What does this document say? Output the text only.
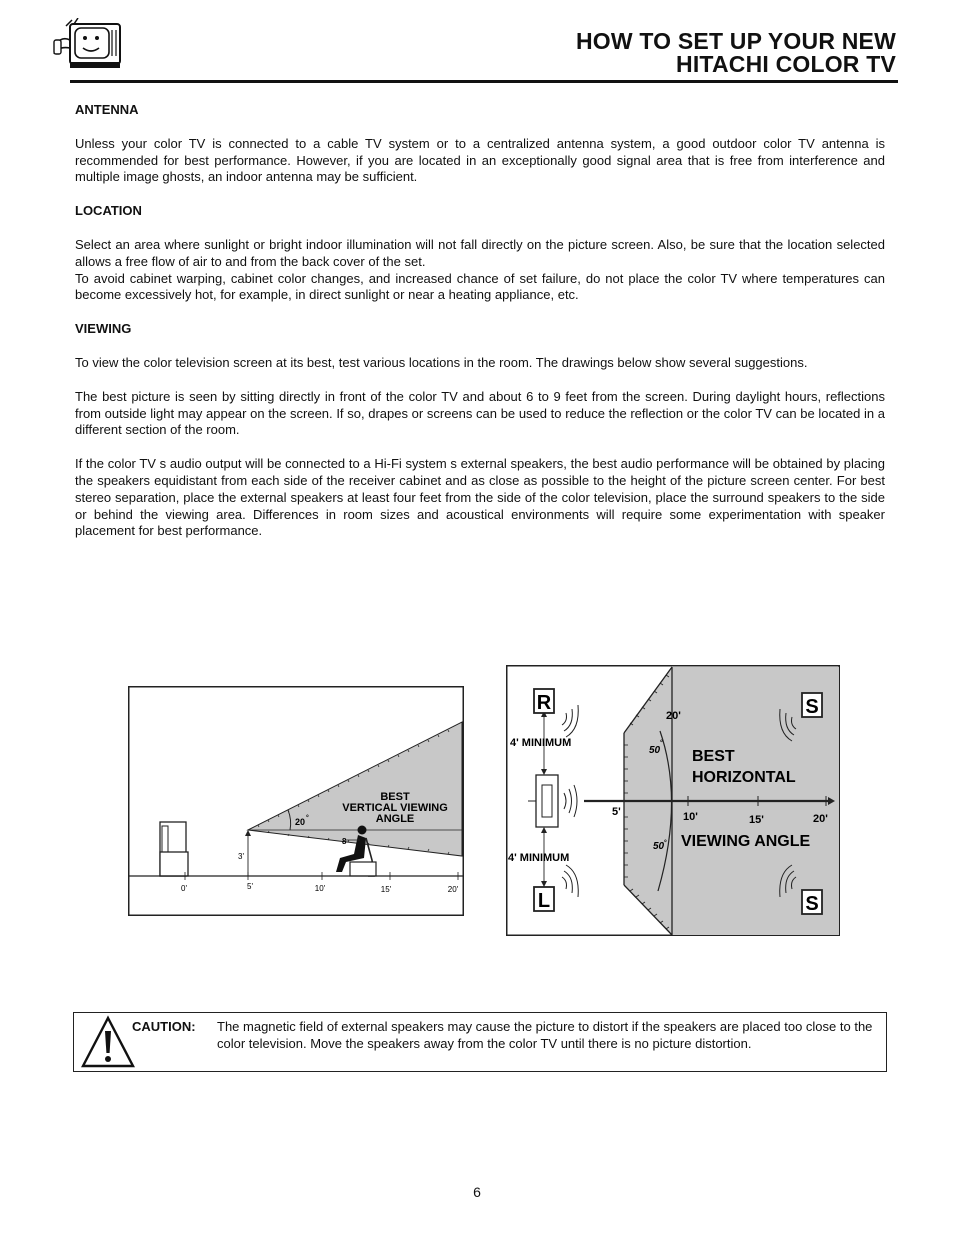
HOW TO SET UP YOUR NEW
HITACHI COLOR TV
ANTENNA

Unless your color TV is connected to a cable TV system or to a centralized antenna system, a good outdoor color TV antenna is recommended for best performance. However, if you are located in an exceptionally good signal area that is free from interference and multiple image ghosts, an indoor antenna may be sufficient.

LOCATION

Select an area where sunlight or bright indoor illumination will not fall directly on the picture screen. Also, be sure that the location selected allows a free flow of air to and from the back cover of the set.

To avoid cabinet warping, cabinet color changes, and increased chance of set failure, do not place the color TV where temperatures can become excessively hot, for example, in direct sunlight or near a heating appliance, etc.

VIEWING

To view the color television screen at its best, test various locations in the room. The drawings below show several suggestions.

The best picture is seen by sitting directly in front of the color TV and about 6 to 9 feet from the screen. During daylight hours, reflections from outside light may appear on the screen. If so, drapes or screens can be used to reduce the reflection or the color TV can be located in a different section of the room.

If the color TV s audio output will be connected to a Hi-Fi system s external speakers, the best audio performance will be obtained by placing the speakers equidistant from each side of the receiver cabinet and as close as possible to the height of the picture screen center. For best stereo separation, place the external speakers at least four feet from the side of the color television, place the surround speakers to the side or behind the viewing area. Differences in room sizes and acoustical environments will require some experimentation with speaker placement for best performance.

BEST
VERTICAL VIEWING
ANGLE
20 °
3'
8
0'	5'	10'	15'	20'
R
L
S
S
4' MINIMUM
4' MINIMUM
BEST
HORIZONTAL
VIEWING ANGLE
50
°
50 °
5'
20'
10'	15'	20'
CAUTION: The magnetic field of external speakers may cause the picture to distort if the speakers are placed too close to the color television. Move the speakers away from the color TV until there is no picture distortion.
6
